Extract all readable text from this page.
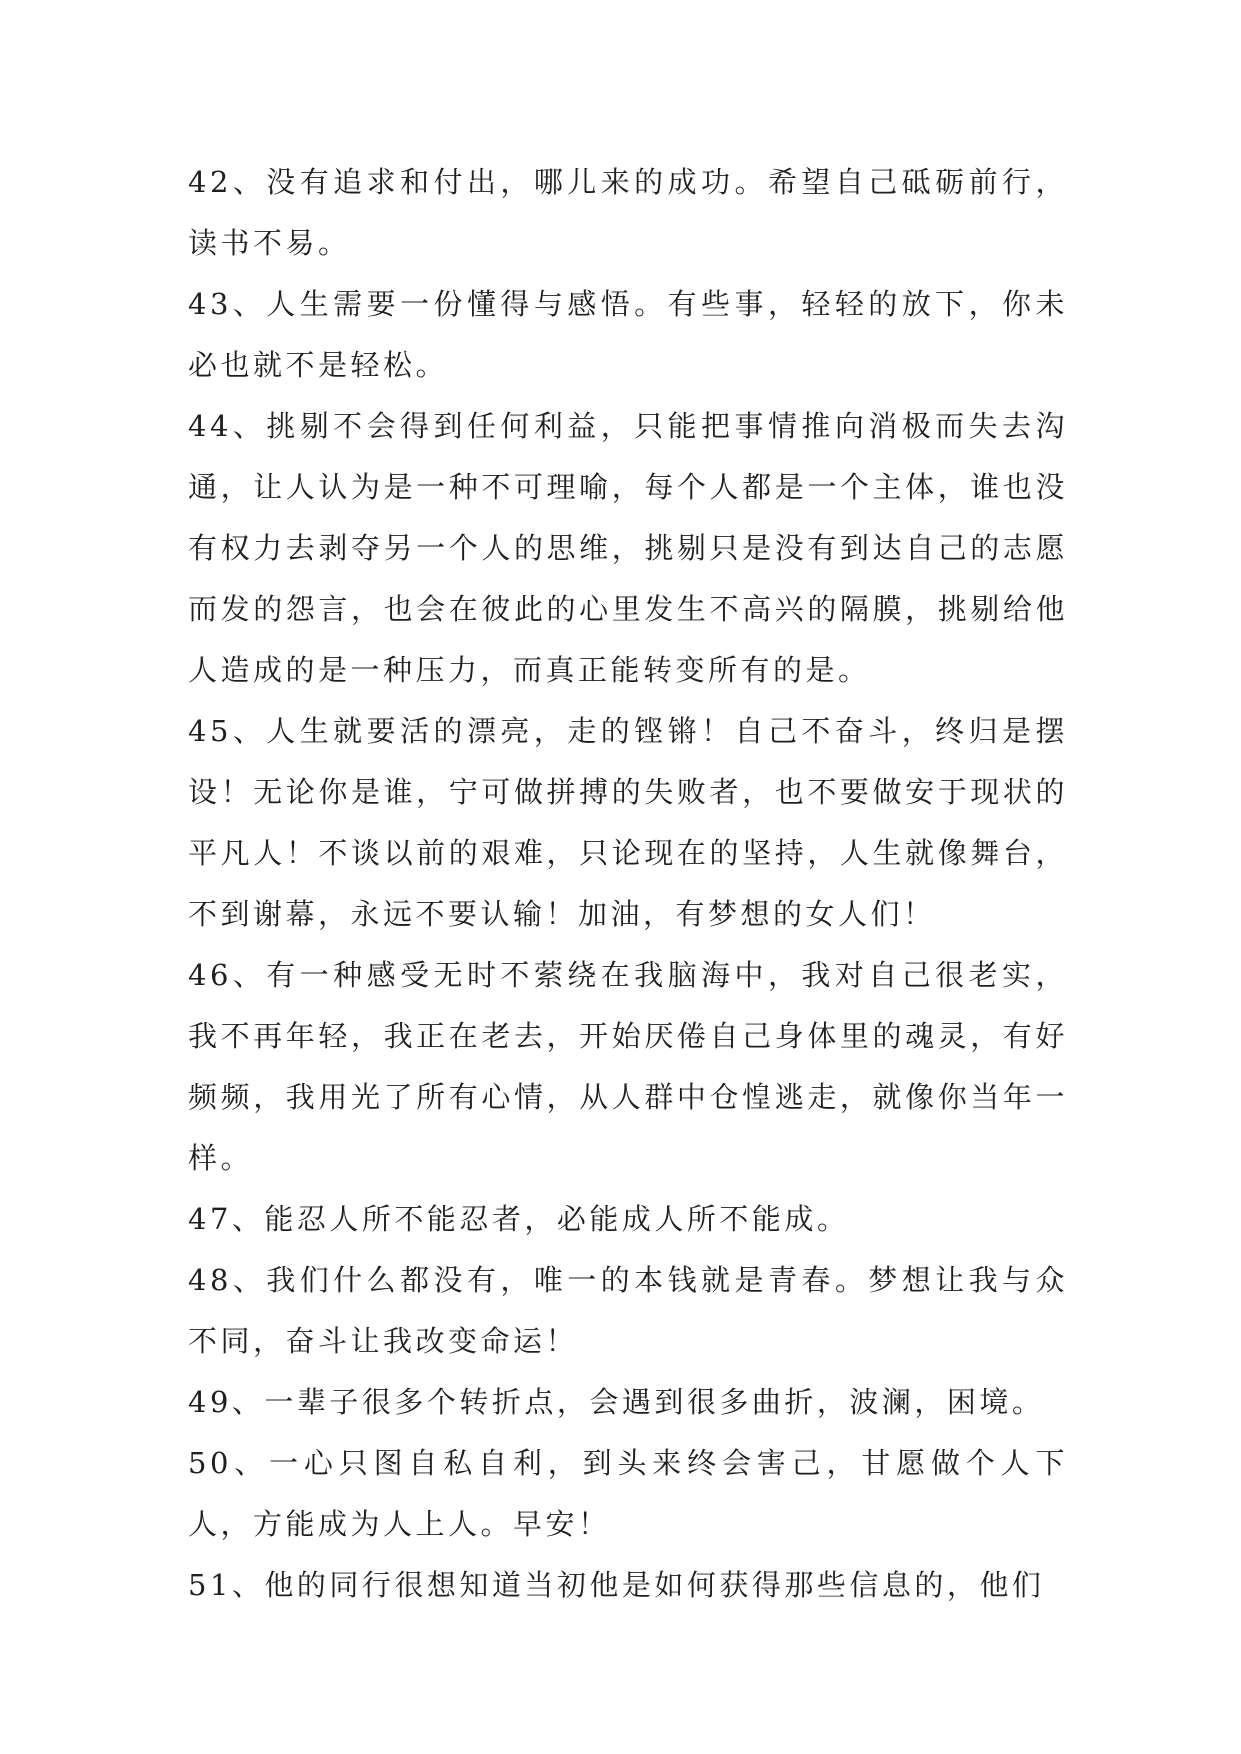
42、没有追求和付出，哪儿来的成功。希望自己砥砺前行，读书不易。

43、人生需要一份懂得与感悟。有些事，轻轻的放下，你未必也就不是轻松。

44、挑剔不会得到任何利益，只能把事情推向消极而失去沟通，让人认为是一种不可理喻，每个人都是一个主体，谁也没有权力去剥夺另一个人的思维，挑剔只是没有到达自己的志愿而发的怨言，也会在彼此的心里发生不高兴的隔膜，挑剔给他人造成的是一种压力，而真正能转变所有的是。

45、人生就要活的漂亮，走的铿锵！自己不奋斗，终归是摆设！无论你是谁，宁可做拼搏的失败者，也不要做安于现状的平凡人！不谈以前的艰难，只论现在的坚持，人生就像舞台，不到谢幕，永远不要认输！加油，有梦想的女人们！

46、有一种感受无时不萦绕在我脑海中，我对自己很老实，我不再年轻，我正在老去，开始厌倦自己身体里的魂灵，有好频频，我用光了所有心情，从人群中仓惶逃走，就像你当年一样。

47、能忍人所不能忍者，必能成人所不能成。

48、我们什么都没有，唯一的本钱就是青春。梦想让我与众不同，奋斗让我改变命运！

49、一辈子很多个转折点，会遇到很多曲折，波澜，困境。

50、一心只图自私自利，到头来终会害己，甘愿做个人下人，方能成为人上人。早安！

51、他的同行很想知道当初他是如何获得那些信息的，他们
